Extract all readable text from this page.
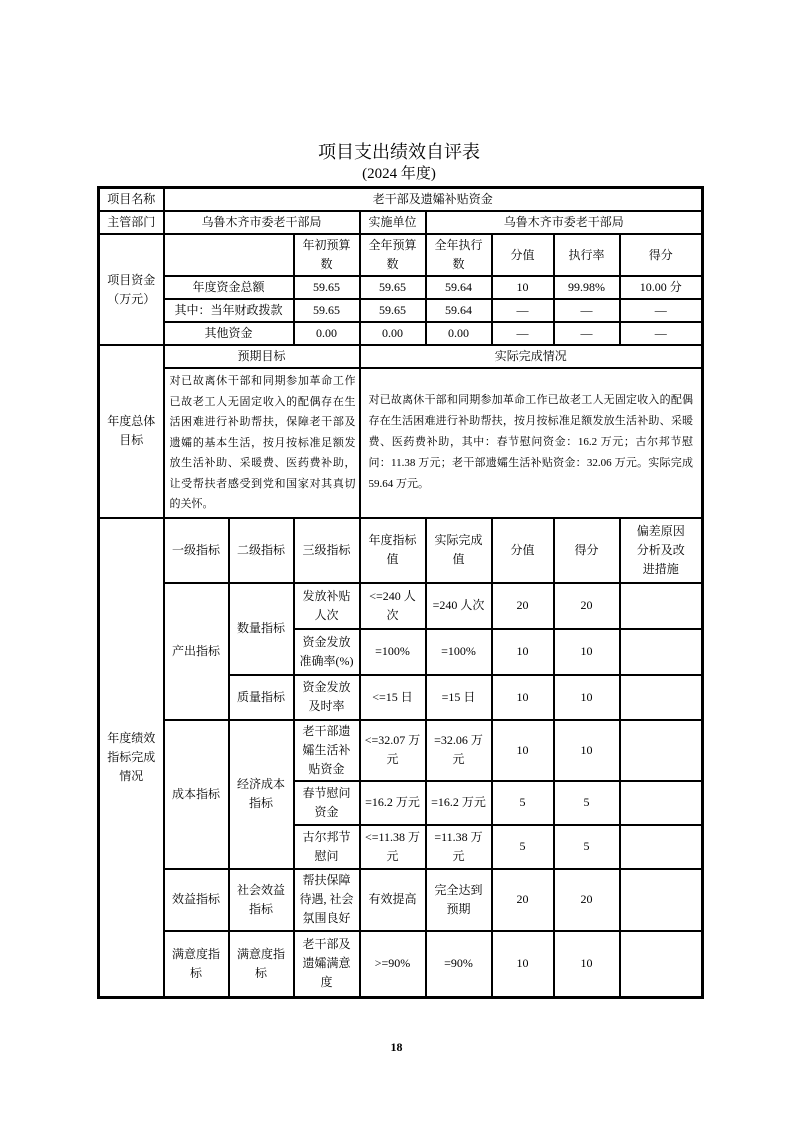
项目支出绩效自评表
(2024 年度)
项目名称	老干部及遗孀补贴资金							
主管部门	乌鲁木齐市委老干部局			实施单位	乌鲁木齐市委老干部局			
项目资金（万元）			年初预算数	全年预算数	全年执行数	分值	执行率	得分
	年度资金总额		59.65	59.65	59.64	10	99.98%	10.00 分
	其中：当年财政拨款		59.65	59.65	59.64	—	—	—
	其他资金		0.00	0.00	0.00	—	—	—
年度总体目标	预期目标			实际完成情况				
	对已故离休干部和同期参加革命工作已故老工人无固定收入的配偶存在生活困难进行补助帮扶，保障老干部及遗孀的基本生活，按月按标准足额发放生活补助、采暖费、医药费补助，让受帮扶者感受到党和国家对其真切的关怀。			对已故离休干部和同期参加革命工作已故老工人无固定收入的配偶存在生活困难进行补助帮扶，按月按标准足额发放生活补助、采暖费、医药费补助，其中：春节慰问资金：16.2 万元；古尔邦节慰问：11.38 万元；老干部遗孀生活补贴资金：32.06 万元。实际完成 59.64 万元。				
年度绩效指标完成情况	一级指标	二级指标	三级指标	年度指标值	实际完成值	分值	得分	偏差原因分析及改进措施
	产出指标	数量指标	发放补贴人次	<=240 人次	=240 人次	20	20	
			资金发放准确率(%)	=100%	=100%	10	10	
		质量指标	资金发放及时率	<=15 日	=15 日	10	10	
	成本指标	经济成本指标	老干部遗孀生活补贴资金	<=32.07 万元	=32.06 万元	10	10	
			春节慰问资金	=16.2 万元	=16.2 万元	5	5	
			古尔邦节慰问	<=11.38 万元	=11.38 万元	5	5	
	效益指标	社会效益指标	帮扶保障待遇, 社会氛围良好	有效提高	完全达到预期	20	20	
	满意度指标	满意度指标	老干部及遗孀满意度	>=90%	=90%	10	10	
18
